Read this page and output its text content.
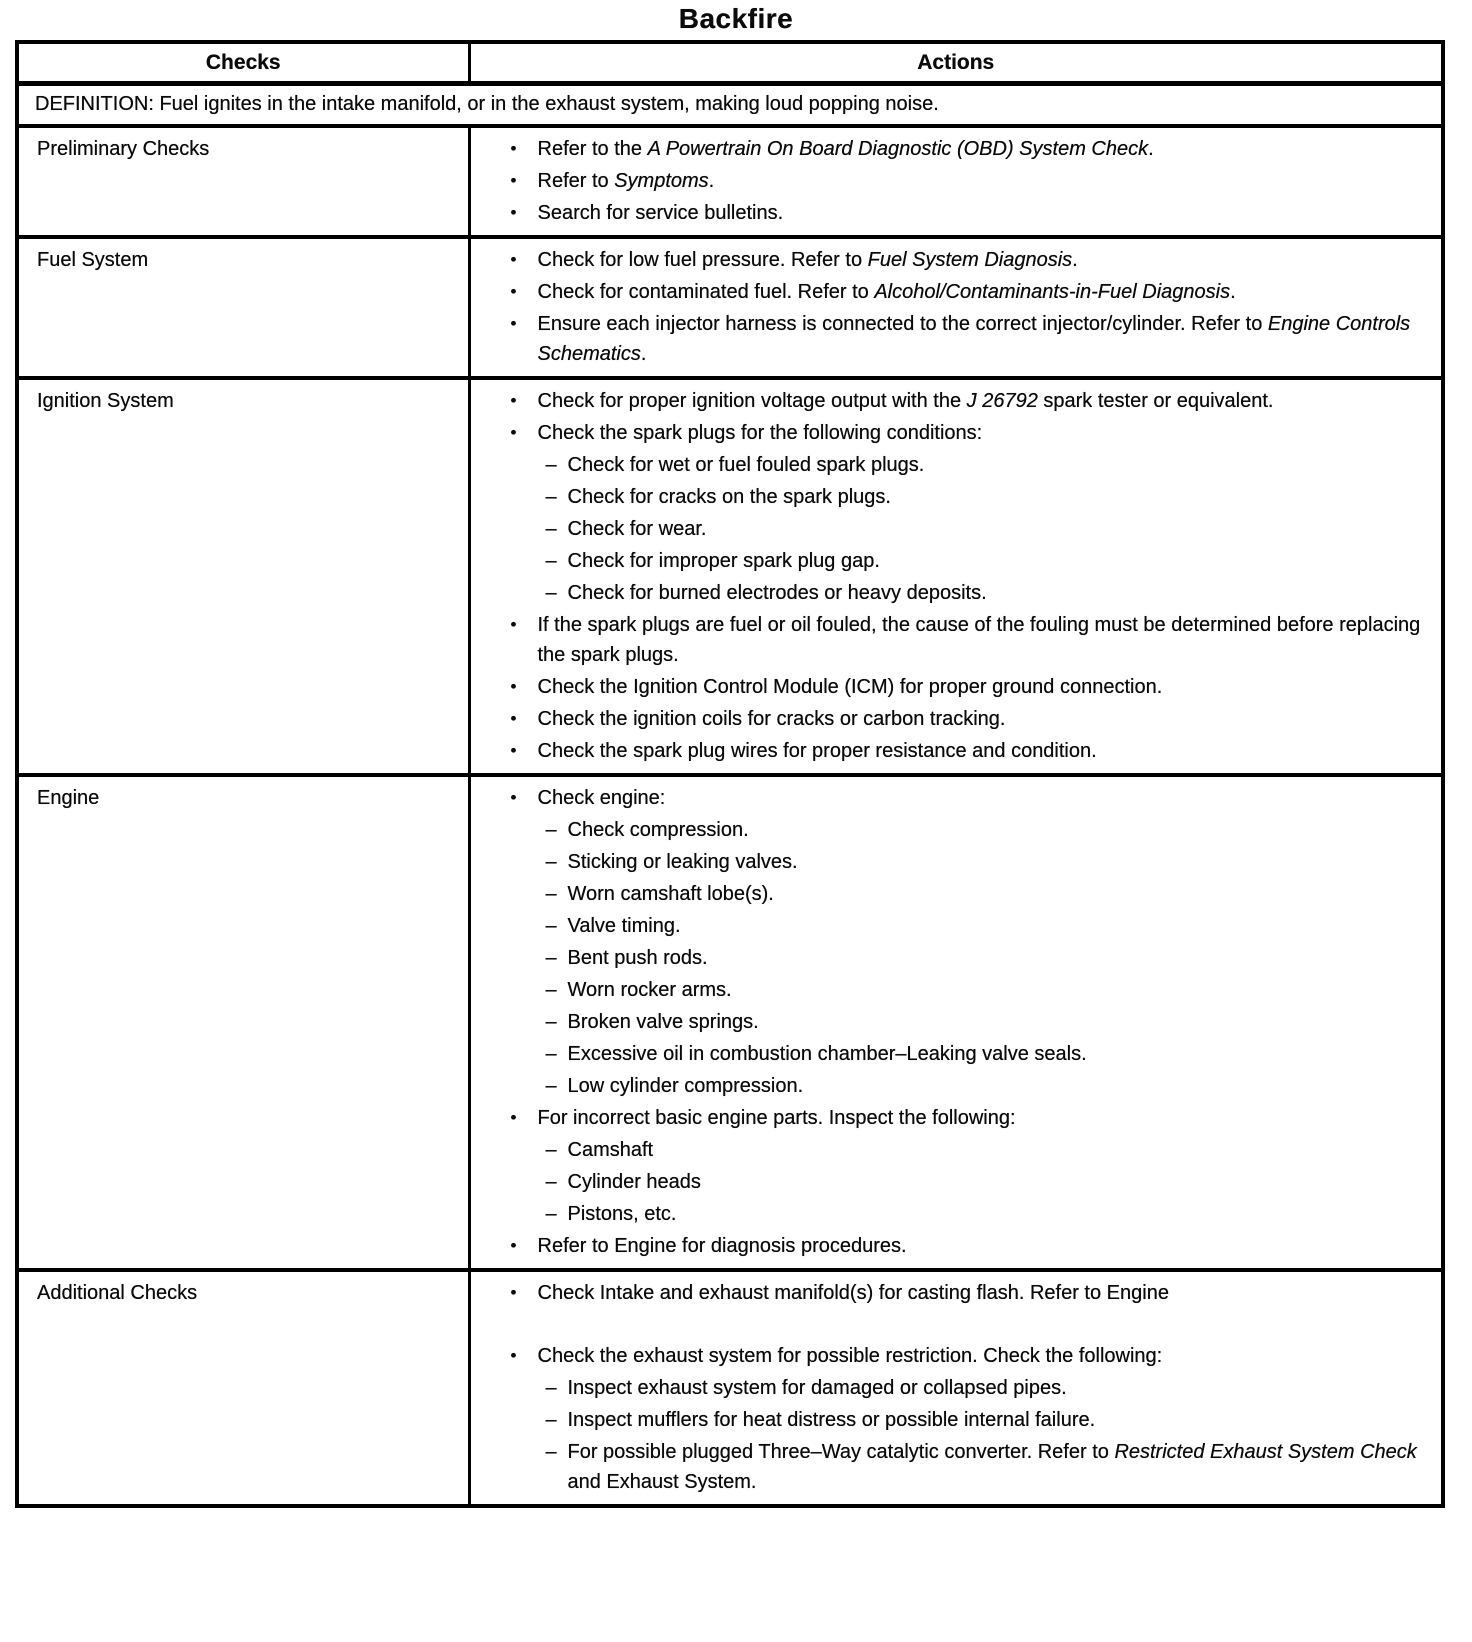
Backfire
Checks	Actions
DEFINITION: Fuel ignites in the intake manifold, or in the exhaust system, making loud popping noise.	
Preliminary Checks	•	Refer to the A Powertrain On Board Diagnostic (OBD) System Check.
•	Refer to Symptoms.
•	Search for service bulletins.

Fuel System	•	Check for low fuel pressure. Refer to Fuel System Diagnosis.
•	Check for contaminated fuel. Refer to Alcohol/Contaminants-in-Fuel Diagnosis.
•	Ensure each injector harness is connected to the correct injector/cylinder. Refer to Engine Controls Schematics.

Ignition System	•	Check for proper ignition voltage output with the J 26792 spark tester or equivalent.
•	Check the spark plugs for the following conditions:
– Check for wet or fuel fouled spark plugs.
– Check for cracks on the spark plugs.
– Check for wear.
– Check for improper spark plug gap.
– Check for burned electrodes or heavy deposits.
•	If the spark plugs are fuel or oil fouled, the cause of the fouling must be determined before replacing the spark plugs.
•	Check the Ignition Control Module (ICM) for proper ground connection.
•	Check the ignition coils for cracks or carbon tracking.
•	Check the spark plug wires for proper resistance and condition.

Engine	•	Check engine:
– Check compression.
– Sticking or leaking valves.
– Worn camshaft lobe(s).
– Valve timing.
– Bent push rods.
– Worn rocker arms.
– Broken valve springs.
– Excessive oil in combustion chamber–Leaking valve seals.
– Low cylinder compression.
•	For incorrect basic engine parts. Inspect the following:
– Camshaft
– Cylinder heads
– Pistons, etc.
•	Refer to Engine for diagnosis procedures.

Additional Checks	•	Check Intake and exhaust manifold(s) for casting flash. Refer to Engine
•	Check the exhaust system for possible restriction. Check the following:
– Inspect exhaust system for damaged or collapsed pipes.
– Inspect mufflers for heat distress or possible internal failure.
– For possible plugged Three–Way catalytic converter. Refer to Restricted Exhaust System Check and Exhaust System.
